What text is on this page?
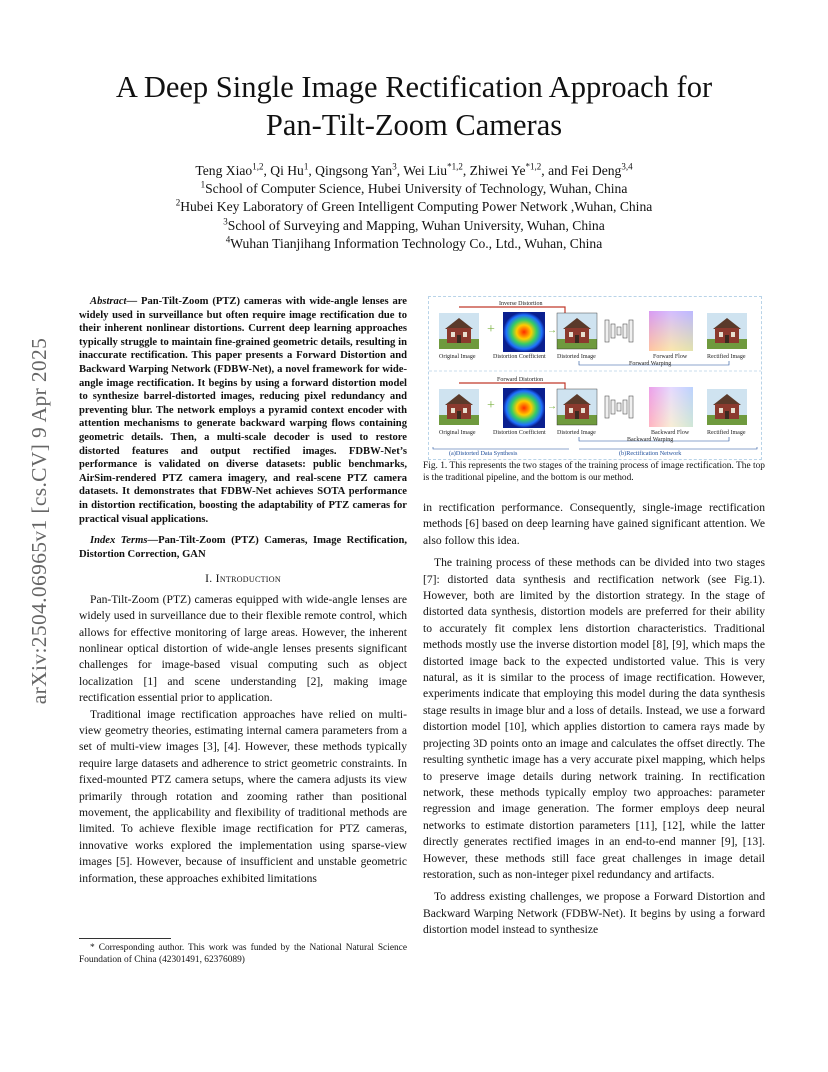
A Deep Single Image Rectification Approach for
Pan-Tilt-Zoom Cameras
Teng Xiao$^{1,2}$, Qi Hu$^1$, Qingsong Yan$^3$, Wei Liu$^{*1,2}$, Zhiwei Ye$^{*1,2}$, and Fei Deng$^{3,4}$
$^1$School of Computer Science, Hubei University of Technology, Wuhan, China
$^2$Hubei Key Laboratory of Green Intelligent Computing Power Network ,Wuhan, China
$^3$School of Surveying and Mapping, Wuhan University, Wuhan, China
$^4$Wuhan Tianjihang Information Technology Co., Ltd., Wuhan, China
arXiv:2504.06965v1 [cs.CV] 9 Apr 2025

Abstract— Pan-Tilt-Zoom (PTZ) cameras with wide-angle lenses are widely used in surveillance but often require image rectification due to their inherent nonlinear distortions. Current deep learning approaches typically struggle to maintain fine-grained geometric details, resulting in inaccurate rectification. This paper presents a Forward Distortion and Backward Warping Network (FDBW-Net), a novel framework for wide-angle image rectification. It begins by using a forward distortion model to synthesize barrel-distorted images, reducing pixel redundancy and preventing blur. The network employs a pyramid context encoder with attention mechanisms to generate backward warping flows containing geometric details. Then, a multi-scale decoder is used to restore distorted features and output rectified images. FDBW-Net’s performance is validated on diverse datasets: public benchmarks, AirSim-rendered PTZ camera imagery, and real-scene PTZ camera datasets. It demonstrates that FDBW-Net achieves SOTA performance in distortion rectification, boosting the adaptability of PTZ cameras for practical visual applications.

Index Terms—Pan-Tilt-Zoom (PTZ) Cameras, Image Rectification, Distortion Correction, GAN

I. Introduction

Pan-Tilt-Zoom (PTZ) cameras equipped with wide-angle lenses are widely used in surveillance due to their flexible remote control, which allows for effective monitoring of large areas. However, the inherent nonlinear optical distortion of wide-angle lenses presents significant challenges for image-based visual computing such as object localization [1] and scene understanding [2], making image rectification essential prior to application.

Traditional image rectification approaches have relied on multi-view geometry theories, estimating internal camera parameters from a set of multi-view images [3], [4]. However, these methods typically require large datasets and adherence to strict geometric constraints. In fixed-mounted PTZ camera setups, where the camera adjusts its view primarily through rotation and zooming rather than positional movement, the applicability and flexibility of traditional methods are limited. To achieve flexible image rectification for PTZ cameras, innovative works explored the implementation using sparse-view images [5]. However, because of insufficient and unstable geometric information, these approaches exhibited limitations

* Corresponding author. This work was funded by the National Natural Science Foundation of China (42301491, 62376089)
Inverse Distortion
+	→
Original Image	Distortion Coefficient Distorted Image	Forward Flow	Rectified Image
Forward Warping
Forward Distortion
+	→
Original Image	Distortion Coefficient Distorted Image	Backward Flow	Rectified Image
Backward Warping
(a)Distorted Data Synthesis	(b)Rectification Network
Fig. 1. This represents the two stages of the training process of image rectification. The top is the traditional pipeline, and the bottom is our method.

in rectification performance. Consequently, single-image rectification methods [6] based on deep learning have gained significant attention. We also follow this idea.

The training process of these methods can be divided into two stages [7]: distorted data synthesis and rectification network (see Fig.1). However, both are limited by the distortion strategy. In the stage of distorted data synthesis, distortion models are preferred for their ability to accurately fit complex lens distortion characteristics. Traditional methods mostly use the inverse distortion model [8], [9], which maps the distorted image back to the expected undistorted value. This is very natural, as it is similar to the process of image rectification. However, experiments indicate that employing this model during the data synthesis stage results in image blur and a loss of details. Instead, we use a forward distortion model [10], which applies distortion to camera rays made by projecting 3D points onto an image and calculates the offset directly. The resulting synthetic image has a very accurate pixel mapping, which helps to preserve image details during network training. In rectification network, these methods typically employ two approaches: parameter regression and image generation. The former employs deep neural networks to estimate distortion parameters [11], [12], while the latter directly generates rectified images in an end-to-end manner [9], [13]. However, these methods still face great challenges in image detail restoration, such as non-integer pixel redundancy and artifacts.

To address existing challenges, we propose a Forward Distortion and Backward Warping Network (FDBW-Net). It begins by using a forward distortion model instead to synthesize
